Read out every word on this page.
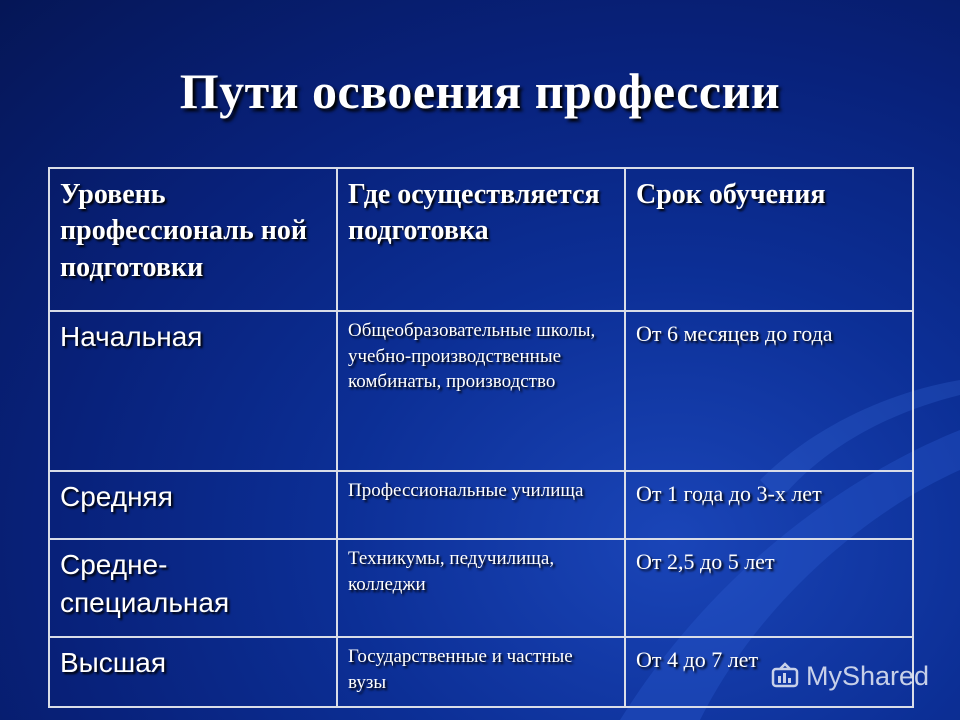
Пути освоения профессии
Уровень профессиональ ной подготовки	Где осуществляется подготовка	Срок обучения
Начальная	Общеобразовательные школы, учебно-производственные комбинаты, производство	От 6 месяцев до года
Средняя	Профессиональные училища	От 1 года до 3-х лет
Средне-специальная	Техникумы, педучилища, колледжи	От 2,5 до 5 лет
Высшая	Государственные и частные вузы	От 4 до 7 лет
MyShared
